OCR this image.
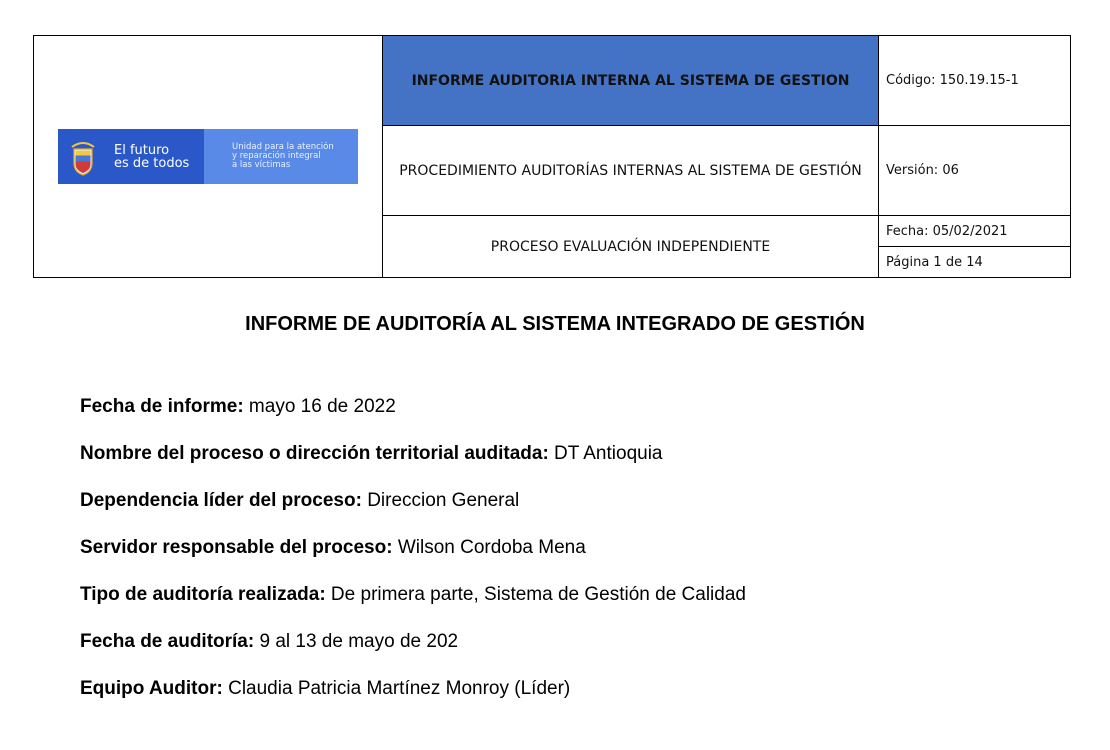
El futuro
es de todos
Unidad para la atención
y reparación integral
a las víctimas	INFORME AUDITORIA INTERNA AL SISTEMA DE GESTION	Código: 150.19.15-1
	PROCEDIMIENTO AUDITORÍAS INTERNAS AL SISTEMA DE GESTIÓN	Versión: 06
	PROCESO EVALUACIÓN INDEPENDIENTE	Fecha: 05/02/2021
		Página 1 de 14
INFORME DE AUDITORÍA AL SISTEMA INTEGRADO DE GESTIÓN
Fecha de informe: mayo 16 de 2022
Nombre del proceso o dirección territorial auditada: DT Antioquia
Dependencia líder del proceso: Direccion General
Servidor responsable del proceso: Wilson Cordoba Mena
Tipo de auditoría realizada: De primera parte, Sistema de Gestión de Calidad
Fecha de auditoría: 9 al 13 de mayo de 202
Equipo Auditor: Claudia Patricia Martínez Monroy (Líder)
